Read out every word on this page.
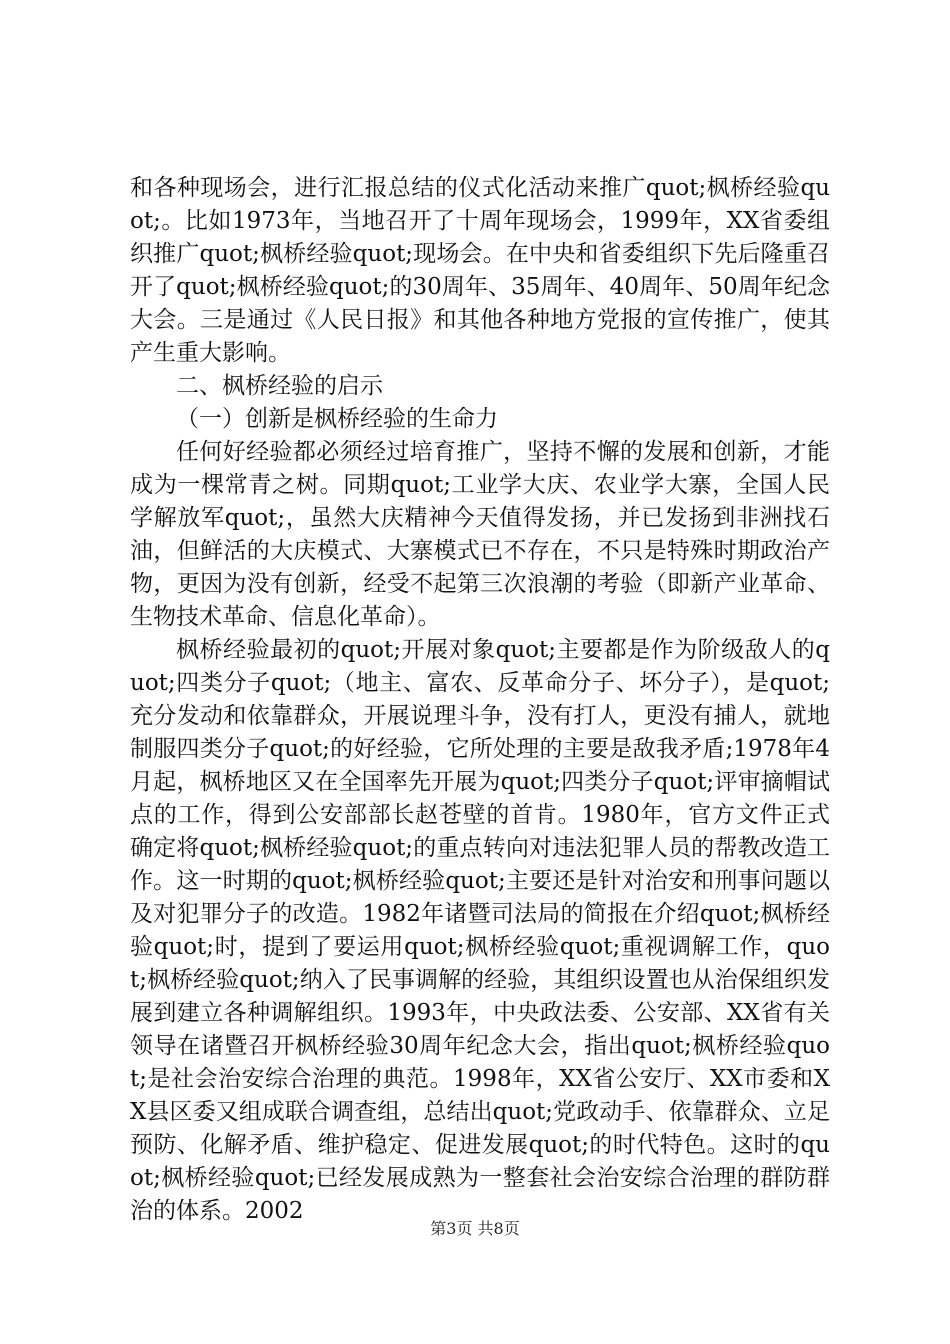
和各种现场会，进行汇报总结的仪式化活动来推广quot;枫桥经验quot;。比如1973年，当地召开了十周年现场会，1999年，XX省委组织推广quot;枫桥经验quot;现场会。在中央和省委组织下先后隆重召开了quot;枫桥经验quot;的30周年、35周年、40周年、50周年纪念大会。三是通过《人民日报》和其他各种地方党报的宣传推广，使其产生重大影响。

二、枫桥经验的启示

（一）创新是枫桥经验的生命力

任何好经验都必须经过培育推广，坚持不懈的发展和创新，才能成为一棵常青之树。同期quot;工业学大庆、农业学大寨，全国人民学解放军quot;，虽然大庆精神今天值得发扬，并已发扬到非洲找石油，但鲜活的大庆模式、大寨模式已不存在，不只是特殊时期政治产物，更因为没有创新，经受不起第三次浪潮的考验（即新产业革命、生物技术革命、信息化革命）。

枫桥经验最初的quot;开展对象quot;主要都是作为阶级敌人的quot;四类分子quot;（地主、富农、反革命分子、坏分子），是quot;充分发动和依靠群众，开展说理斗争，没有打人，更没有捕人，就地制服四类分子quot;的好经验，它所处理的主要是敌我矛盾;1978年4月起，枫桥地区又在全国率先开展为quot;四类分子quot;评审摘帽试点的工作，得到公安部部长赵苍壁的首肯。1980年，官方文件正式确定将quot;枫桥经验quot;的重点转向对违法犯罪人员的帮教改造工作。这一时期的quot;枫桥经验quot;主要还是针对治安和刑事问题以及对犯罪分子的改造。1982年诸暨司法局的简报在介绍quot;枫桥经验quot;时，提到了要运用quot;枫桥经验quot;重视调解工作，quot;枫桥经验quot;纳入了民事调解的经验，其组织设置也从治保组织发展到建立各种调解组织。1993年，中央政法委、公安部、XX省有关领导在诸暨召开枫桥经验30周年纪念大会，指出quot;枫桥经验quot;是社会治安综合治理的典范。1998年，XX省公安厅、XX市委和XX县区委又组成联合调查组，总结出quot;党政动手、依靠群众、立足预防、化解矛盾、维护稳定、促进发展quot;的时代特色。这时的quot;枫桥经验quot;已经发展成熟为一整套社会治安综合治理的群防群治的体系。2002

第3页 共8页
